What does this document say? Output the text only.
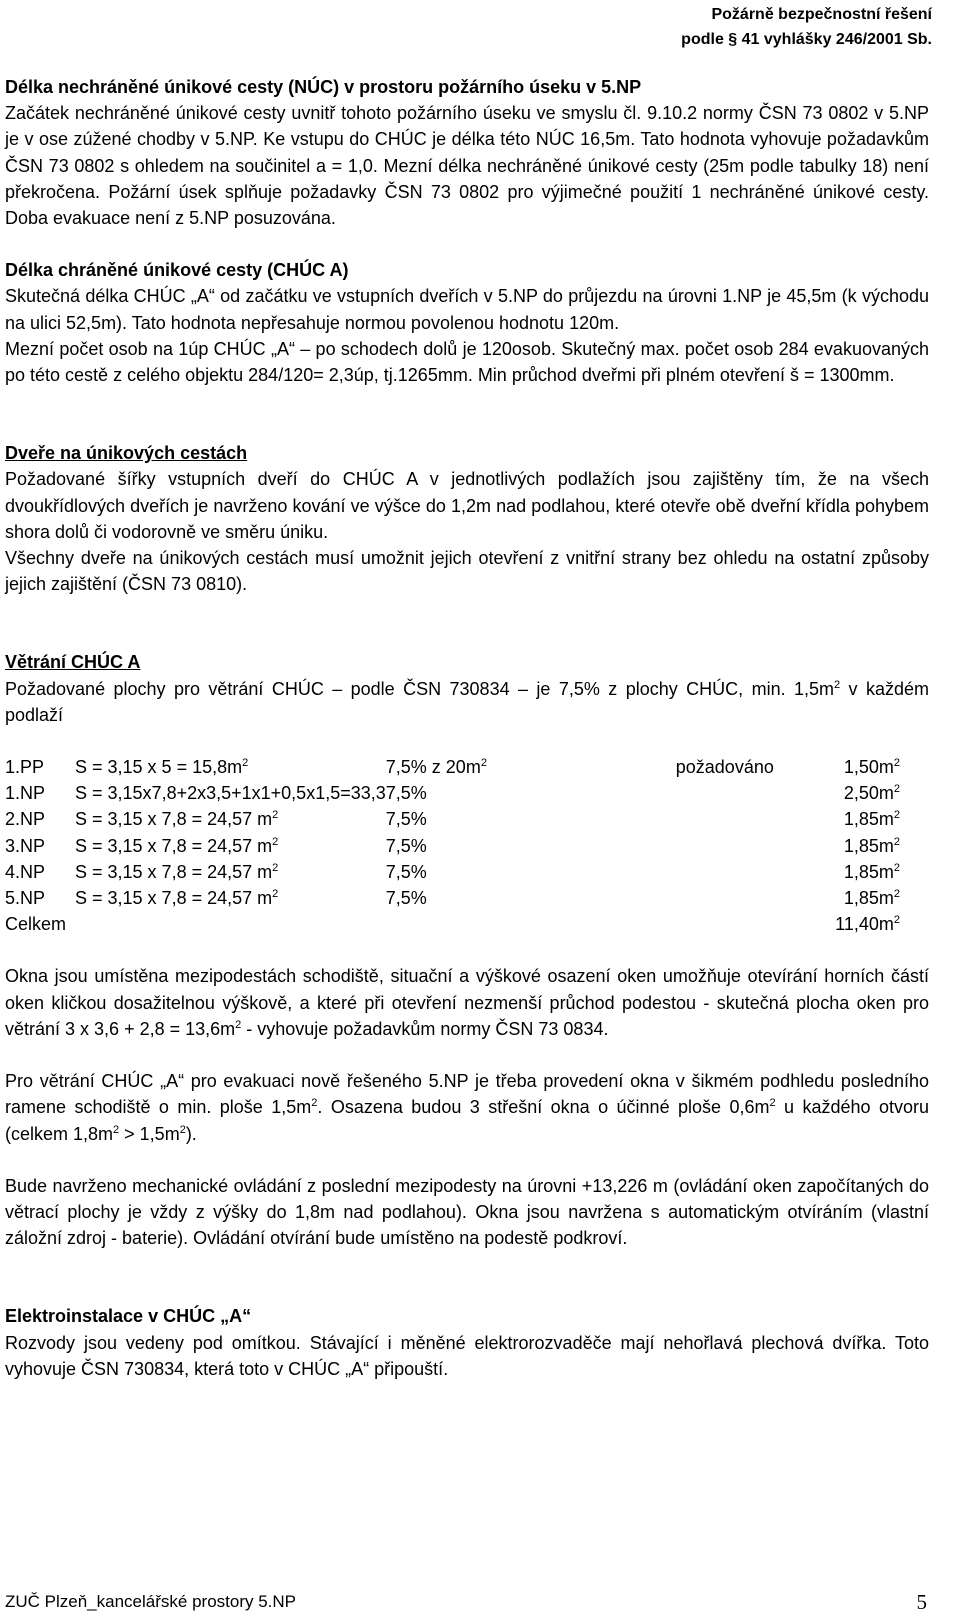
Požárně bezpečnostní řešení
podle § 41 vyhlášky 246/2001 Sb.
Délka nechráněné únikové cesty (NÚC) v prostoru požárního úseku v 5.NP

Začátek nechráněné únikové cesty uvnitř tohoto požárního úseku ve smyslu čl. 9.10.2 normy ČSN 73 0802 v 5.NP je v ose zúžené chodby v 5.NP. Ke vstupu do CHÚC je délka této NÚC 16,5m. Tato hodnota vyhovuje požadavkům ČSN 73 0802 s ohledem na součinitel a = 1,0. Mezní délka nechráněné únikové cesty (25m podle tabulky 18) není překročena. Požární úsek splňuje požadavky ČSN 73 0802 pro výjimečné použití 1 nechráněné únikové cesty. Doba evakuace není z 5.NP posuzována.

Délka chráněné únikové cesty (CHÚC A)

Skutečná délka CHÚC „A“ od začátku ve vstupních dveřích v 5.NP do průjezdu na úrovni 1.NP je 45,5m (k východu na ulici 52,5m). Tato hodnota nepřesahuje normou povolenou hodnotu 120m.

Mezní počet osob na 1úp CHÚC „A“ – po schodech dolů je 120osob. Skutečný max. počet osob 284 evakuovaných po této cestě z celého objektu 284/120= 2,3úp, tj.1265mm. Min průchod dveřmi při plném otevření š = 1300mm.

Dveře na únikových cestách

Požadované šířky vstupních dveří do CHÚC A v jednotlivých podlažích jsou zajištěny tím, že na všech dvoukřídlových dveřích je navrženo kování ve výšce do 1,2m nad podlahou, které otevře obě dveřní křídla pohybem shora dolů či vodorovně ve směru úniku.

Všechny dveře na únikových cestách musí umožnit jejich otevření z vnitřní strany bez ohledu na ostatní způsoby jejich zajištění (ČSN 73 0810).

Větrání CHÚC A

Požadované plochy pro větrání CHÚC – podle ČSN 730834 – je 7,5% z plochy CHÚC, min. $1,5m^2$ v každém podlaží

1.PP	S = 3,15 x $5 = 15,8m^2$	7,5% z $20m^2$	požadováno	$1,50m^2$
1.NP	S = 3,15x7,8+2x3,5+1x1+0,5x1,5=33,3	7,5%		$2,50m^2$
2.NP	S = 3,15 x 7,8 = 24,57 $m^2$	7,5%		$1,85m^2$
3.NP	S = 3,15 x 7,8 = 24,57 $m^2$	7,5%		$1,85m^2$
4.NP	S = 3,15 x 7,8 = 24,57 $m^2$	7,5%		$1,85m^2$
5.NP	S = 3,15 x 7,8 = 24,57 $m^2$	7,5%		$1,85m^2$
Celkem				$11,40m^2$

Okna jsou umístěna mezipodestách schodiště, situační a výškové osazení oken umožňuje otevírání horních částí oken kličkou dosažitelnou výškově, a které při otevření nezmenší průchod podestou - skutečná plocha oken pro větrání 3 x $3,6 + 2,8 = 13,6m^2$ - vyhovuje požadavkům normy ČSN 73 0834.

Pro větrání CHÚC „A“ pro evakuaci nově řešeného 5.NP je třeba provedení okna v šikmém podhledu posledního ramene schodiště o min. ploše $1,5m^2$. Osazena budou 3 střešní okna o účinné ploše $0,6m^2$ u každého otvoru (celkem $1,8m^2 > 1,5m^2$).

Bude navrženo mechanické ovládání z poslední mezipodesty na úrovni +13,226 m (ovládání oken započítaných do větrací plochy je vždy z výšky do 1,8m nad podlahou). Okna jsou navržena s automatickým otvíráním (vlastní záložní zdroj - baterie). Ovládání otvírání bude umístěno na podestě podkroví.

Elektroinstalace v CHÚC „A“

Rozvody jsou vedeny pod omítkou. Stávající i měněné elektrorozvaděče mají nehořlavá plechová dvířka. Toto vyhovuje ČSN 730834, která toto v CHÚC „A“ připouští.

ZUČ Plzeň_kancelářské prostory 5.NP	5
